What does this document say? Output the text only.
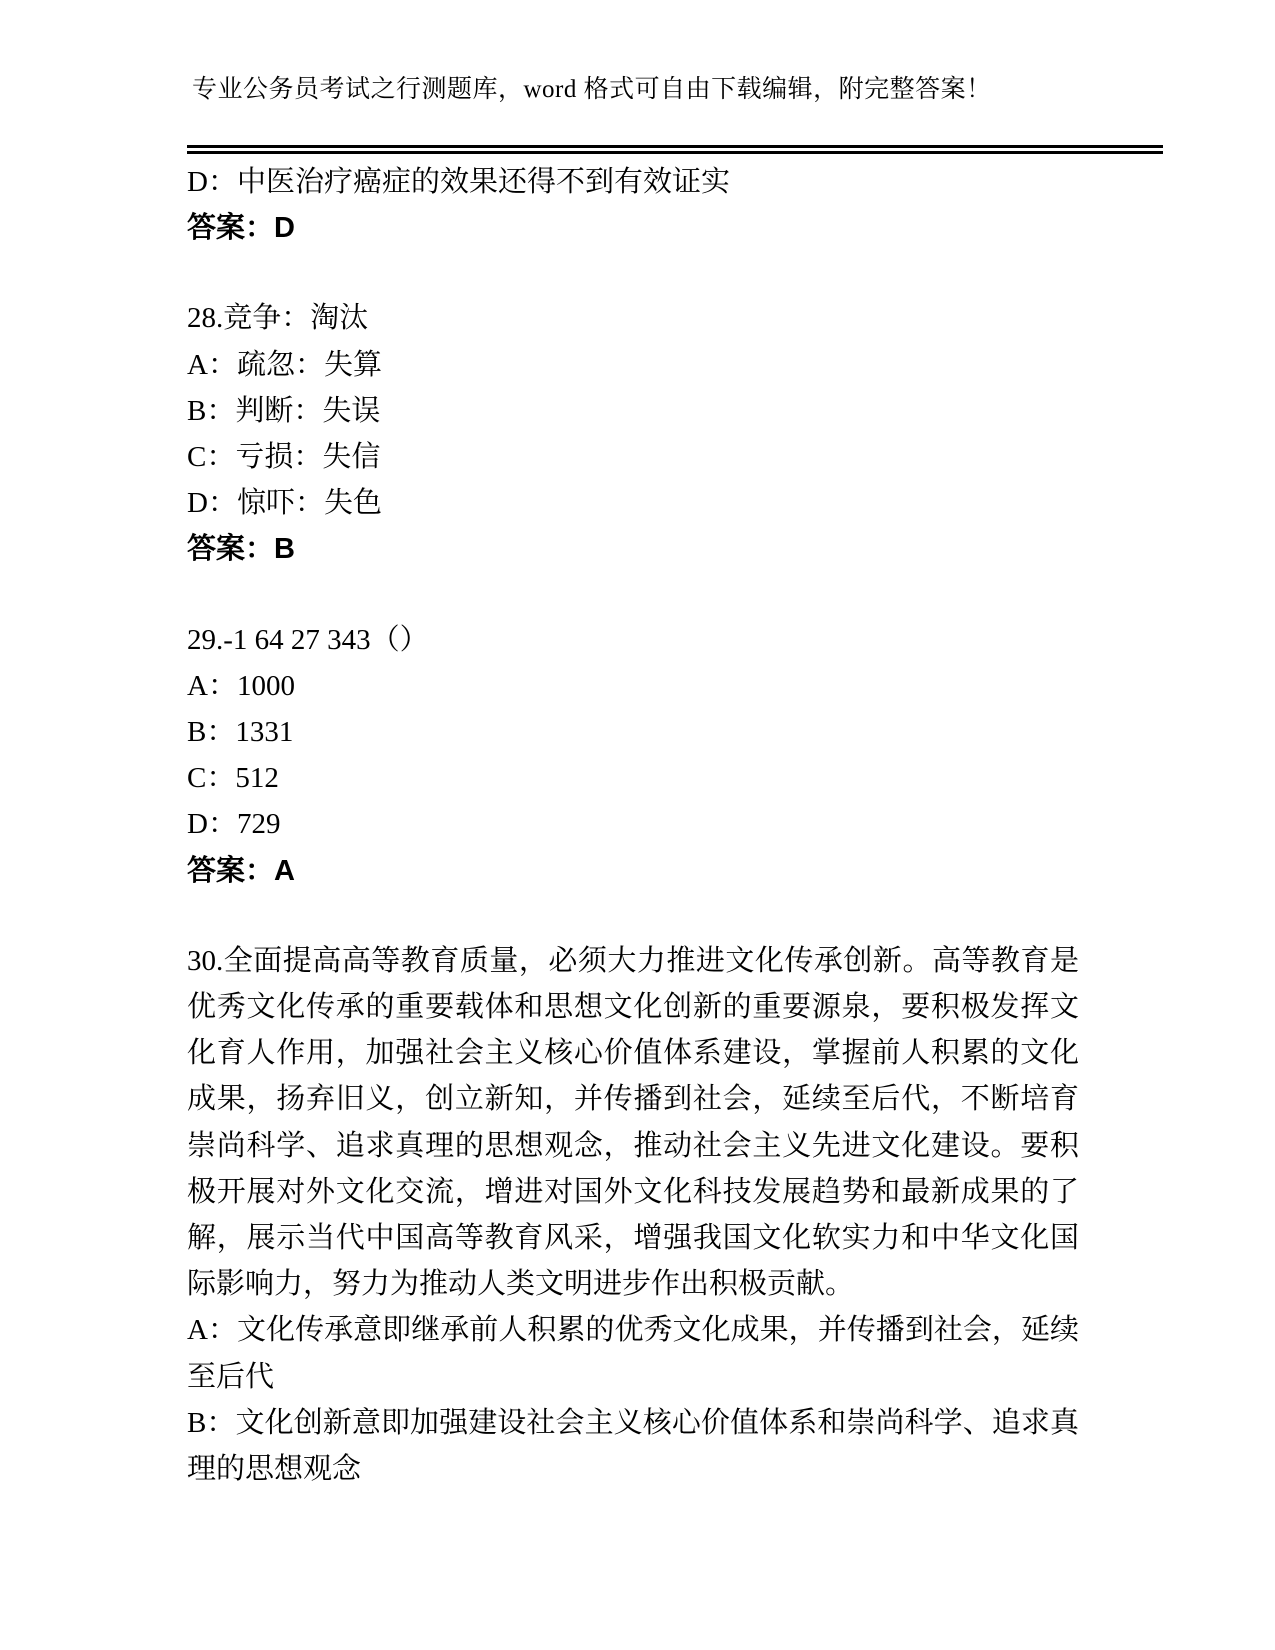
专业公务员考试之行测题库，word 格式可自由下载编辑，附完整答案！

D：中医治疗癌症的效果还得不到有效证实

答案：D

28.竞争：淘汰

A：疏忽：失算

B：判断：失误

C：亏损：失信

D：惊吓：失色

答案：B

29.-1 64 27 343（）

A：1000

B：1331

C：512

D：729

答案：A

30.全面提高高等教育质量，必须大力推进文化传承创新。高等教育是

优秀文化传承的重要载体和思想文化创新的重要源泉，要积极发挥文

化育人作用，加强社会主义核心价值体系建设，掌握前人积累的文化

成果，扬弃旧义，创立新知，并传播到社会，延续至后代，不断培育

崇尚科学、追求真理的思想观念，推动社会主义先进文化建设。要积

极开展对外文化交流，增进对国外文化科技发展趋势和最新成果的了

解，展示当代中国高等教育风采，增强我国文化软实力和中华文化国

际影响力，努力为推动人类文明进步作出积极贡献。

A：文化传承意即继承前人积累的优秀文化成果，并传播到社会，延续

至后代

B：文化创新意即加强建设社会主义核心价值体系和崇尚科学、追求真

理的思想观念
